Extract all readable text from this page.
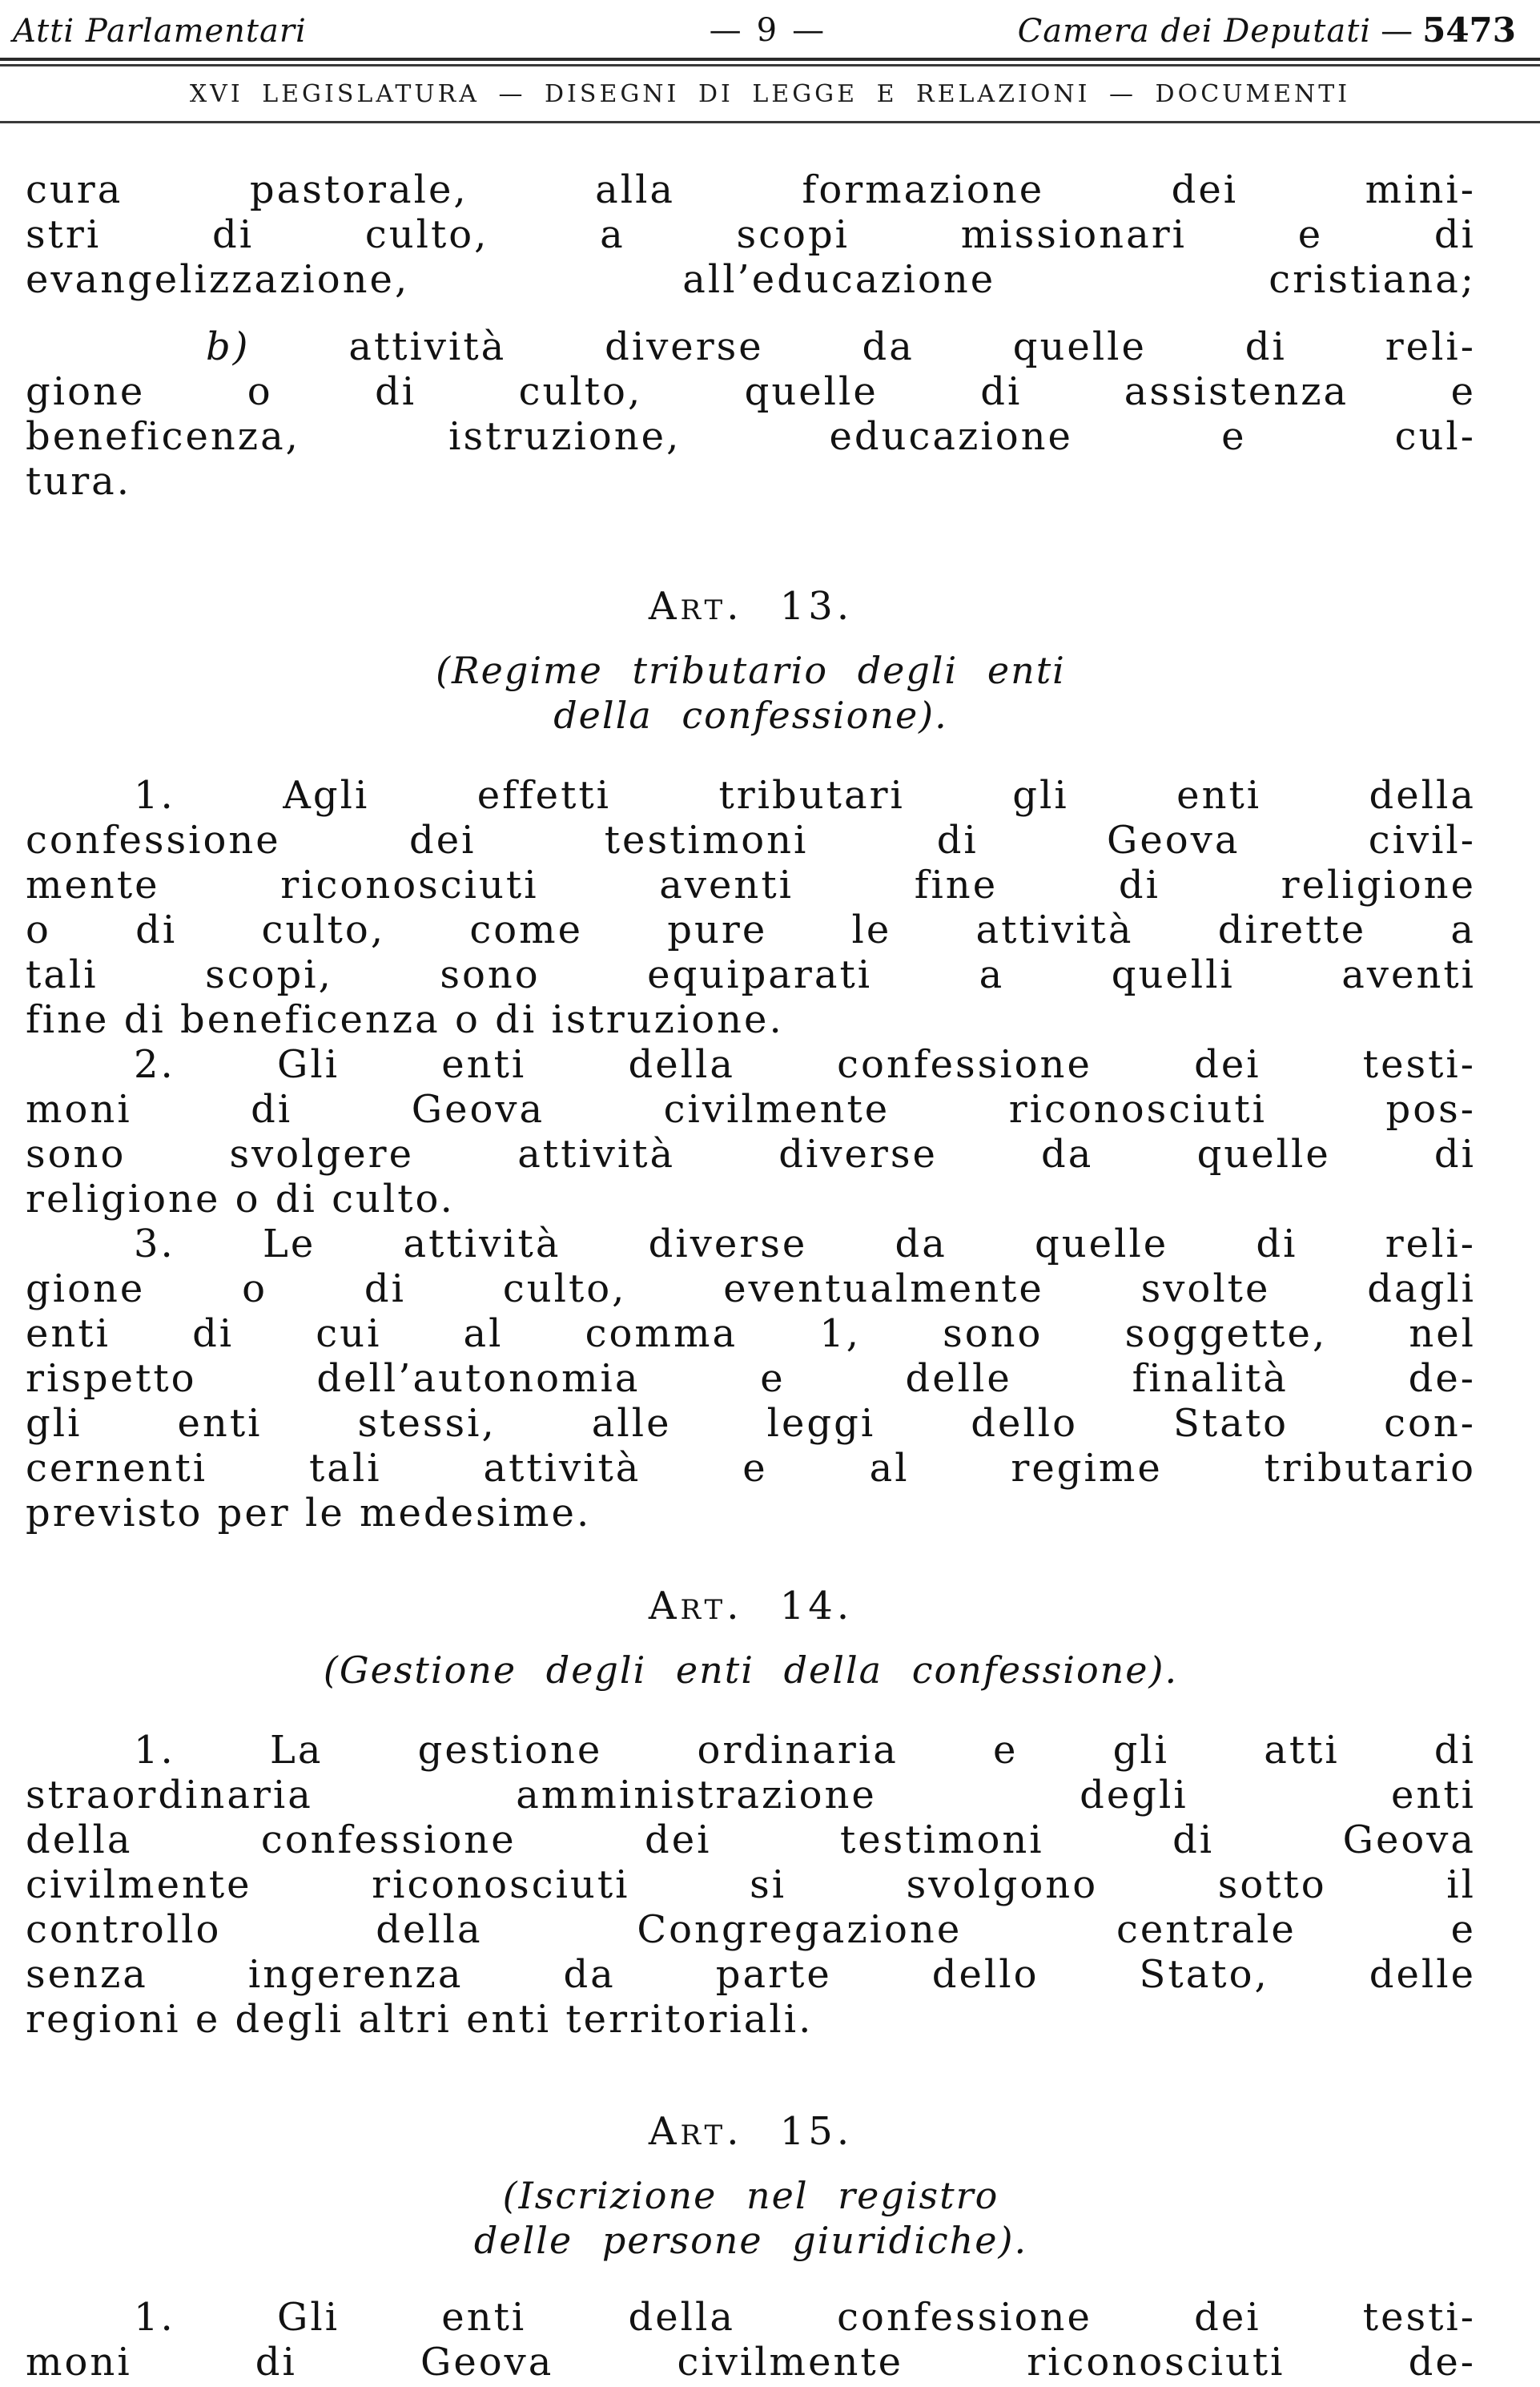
Atti Parlamentari	— 9 —	Camera dei Deputati — 5473
XVI LEGISLATURA — DISEGNI DI LEGGE E RELAZIONI — DOCUMENTI
cura pastorale, alla formazione dei mini-
stri di culto, a scopi missionari e di
evangelizzazione, all’educazione cristiana;
b)	attività diverse da quelle di reli-
gione o di culto, quelle di assistenza e
beneficenza, istruzione, educazione e cul-
tura.
Art. 13.
(Regime tributario degli enti
della confessione).
1. Agli effetti tributari gli enti della
confessione dei testimoni di Geova civil-
mente riconosciuti aventi fine di religione
o di culto, come pure le attività dirette a
tali scopi, sono equiparati a quelli aventi
fine di beneficenza o di istruzione.
2. Gli enti della confessione dei testi-
moni di Geova civilmente riconosciuti pos-
sono svolgere attività diverse da quelle di
religione o di culto.
3. Le attività diverse da quelle di reli-
gione o di culto, eventualmente svolte dagli
enti di cui al comma 1, sono soggette, nel
rispetto dell’autonomia e delle finalità de-
gli enti stessi, alle leggi dello Stato con-
cernenti tali attività e al regime tributario
previsto per le medesime.
Art. 14.
(Gestione degli enti della confessione).
1. La gestione ordinaria e gli atti di
straordinaria amministrazione degli enti
della confessione dei testimoni di Geova
civilmente riconosciuti si svolgono sotto il
controllo della Congregazione centrale e
senza ingerenza da parte dello Stato, delle
regioni e degli altri enti territoriali.
Art. 15.
(Iscrizione nel registro
delle persone giuridiche).
1. Gli enti della confessione dei testi-
moni di Geova civilmente riconosciuti de-
